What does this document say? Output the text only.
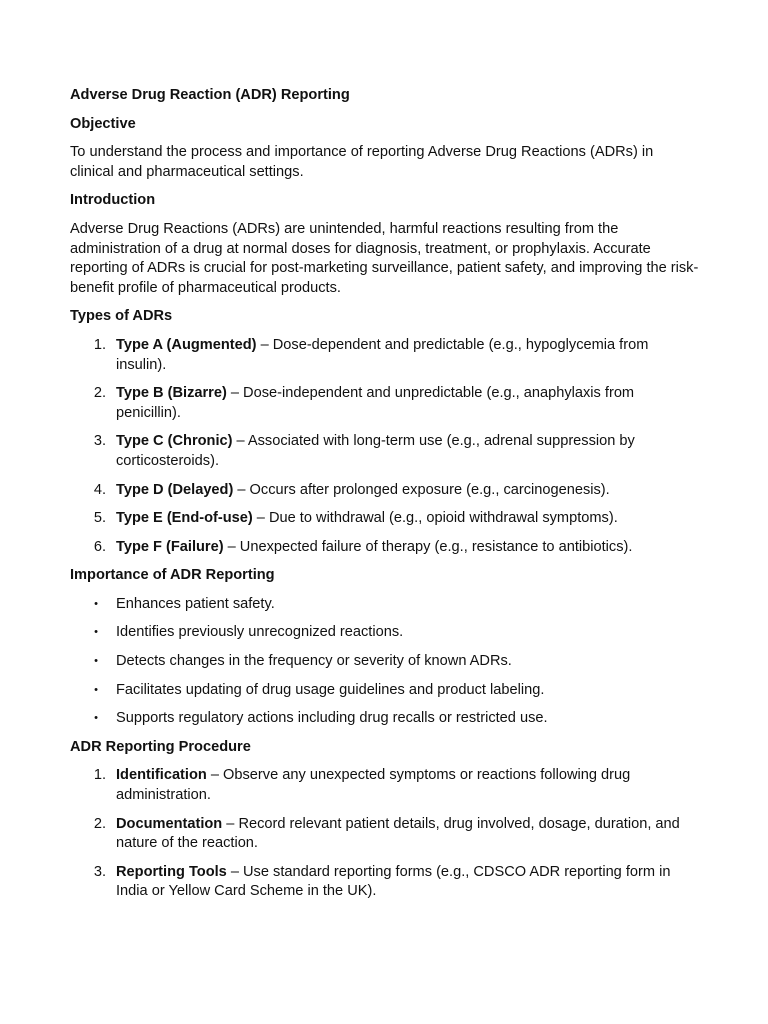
Adverse Drug Reaction (ADR) Reporting
Objective
To understand the process and importance of reporting Adverse Drug Reactions (ADRs) in clinical and pharmaceutical settings.
Introduction
Adverse Drug Reactions (ADRs) are unintended, harmful reactions resulting from the administration of a drug at normal doses for diagnosis, treatment, or prophylaxis. Accurate reporting of ADRs is crucial for post-marketing surveillance, patient safety, and improving the risk-benefit profile of pharmaceutical products.
Types of ADRs
1. Type A (Augmented) – Dose-dependent and predictable (e.g., hypoglycemia from insulin).
2. Type B (Bizarre) – Dose-independent and unpredictable (e.g., anaphylaxis from penicillin).
3. Type C (Chronic) – Associated with long-term use (e.g., adrenal suppression by corticosteroids).
4. Type D (Delayed) – Occurs after prolonged exposure (e.g., carcinogenesis).
5. Type E (End-of-use) – Due to withdrawal (e.g., opioid withdrawal symptoms).
6. Type F (Failure) – Unexpected failure of therapy (e.g., resistance to antibiotics).
Importance of ADR Reporting
• Enhances patient safety.
• Identifies previously unrecognized reactions.
• Detects changes in the frequency or severity of known ADRs.
• Facilitates updating of drug usage guidelines and product labeling.
• Supports regulatory actions including drug recalls or restricted use.
ADR Reporting Procedure
1. Identification – Observe any unexpected symptoms or reactions following drug administration.
2. Documentation – Record relevant patient details, drug involved, dosage, duration, and nature of the reaction.
3. Reporting Tools – Use standard reporting forms (e.g., CDSCO ADR reporting form in India or Yellow Card Scheme in the UK).
